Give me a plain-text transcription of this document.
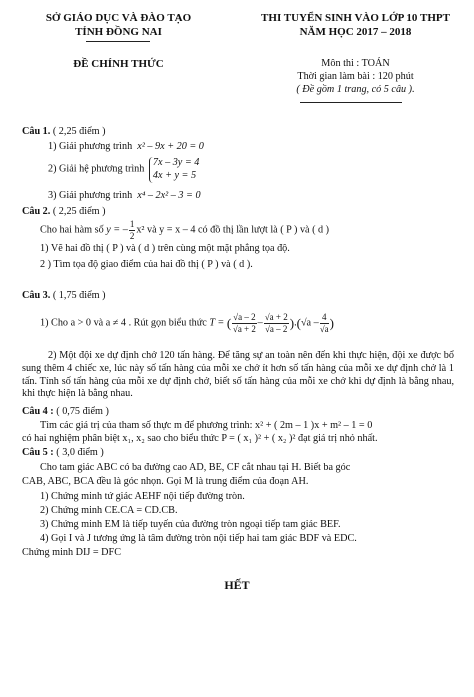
SỞ GIÁO DỤC VÀ ĐÀO TẠO
TỈNH ĐỒNG NAI
ĐỀ CHÍNH THỨC
THI TUYỂN SINH VÀO LỚP 10 THPT
NĂM HỌC 2017 – 2018
Môn thi : TOÁN
Thời gian làm bài : 120 phút
( Đề gồm 1 trang, có 5 câu ).
Câu 1. ( 2,25 điểm )
1) Giải phương trình x² – 9x + 20 = 0
2) Giải hệ phương trình
7x – 3y = 4
4x + y = 5
3) Giải phương trình x⁴ – 2x² – 3 = 0
Câu 2. ( 2,25 điểm )
Cho hai hàm số y = – $\frac{1}{2} x^2$ và y = x – 4 có đồ thị lần lượt là ( P ) và ( d )
1) Vẽ hai đồ thị ( P ) và ( d ) trên cùng một mặt phẳng tọa độ.
2 ) Tìm tọa độ giao điểm của hai đồ thị ( P ) và ( d ).
Câu 3. ( 1,75 điểm )
1) Cho a > 0 và a ≠ 4 . Rút gọn biểu thức T = ( $\frac{√a - 2}{√a + 2} - \frac{√a + 2}{√a - 2} ).(√a - \frac{4}{√a}$ )
2) Một đội xe dự định chở 120 tấn hàng. Để tăng sự an toàn nên đến khi thực hiện, đội xe được bổ sung thêm 4 chiếc xe, lúc này số tấn hàng của mỗi xe chở ít hơn số tấn hàng của mỗi xe dự định chở là 1 tấn. Tính số tấn hàng của mỗi xe dự định chở, biết số tấn hàng của mỗi xe chở khi dự định là bằng nhau, khi thực hiện là bằng nhau.
Câu 4 : ( 0,75 điểm )
Tìm các giá trị của tham số thực m để phương trình: x² + ( 2m – 1 )x + m² – 1 = 0
có hai nghiệm phân biệt x₁, x₂ sao cho biểu thức P = ( x₁ )² + ( x₂ )² đạt giá trị nhỏ nhất.
Câu 5 : ( 3,0 điểm )
Cho tam giác ABC có ba đường cao AD, BE, CF cắt nhau tại H. Biết ba góc
CAB, ABC, BCA đều là góc nhọn. Gọi M là trung điểm của đoạn AH.
1) Chứng minh tứ giác AEHF nội tiếp đường tròn.
2) Chứng minh CE.CA = CD.CB.
3) Chứng minh EM là tiếp tuyến của đường tròn ngoại tiếp tam giác BEF.
4) Gọi I và J tương ứng là tâm đường tròn nội tiếp hai tam giác BDF và EDC.
Chứng minh DIJ = DFC
HẾT
